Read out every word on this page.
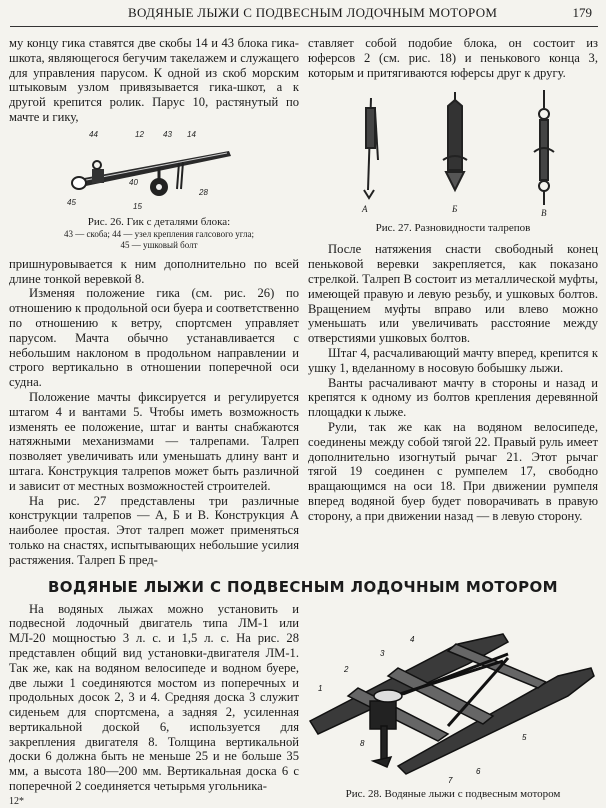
ВОДЯНЫЕ ЛЫЖИ С ПОДВЕСНЫМ ЛОДОЧНЫМ МОТОРОМ	179

му концу гика ставятся две скобы 14 и 43 блока гика-шкота, являющегося бегучим такелажем и служащего для управления парусом. К одной из скоб морским штыковым узлом привязывается гика-шкот, а к другой крепится ролик. Парус 10, растянутый по мачте и гику,

44	12 43 14
40
15
28
45
Рис. 26. Гик с деталями блока:
43 — скоба; 44 — узел крепления галсового угла; 45 — ушковый болт

пришнуровывается к ним дополнительно по всей длине тонкой веревкой 8.

Изменяя положение гика (см. рис. 26) по отношению к продольной оси буера и соответственно по отношению к ветру, спортсмен управляет парусом. Мачта обычно устанавливается с небольшим наклоном в продольном направлении и строго вертикально в отношении поперечной оси судна.

Положение мачты фиксируется и регулируется штагом 4 и вантами 5. Чтобы иметь возможность изменять ее положение, штаг и ванты снабжаются натяжными механизмами — талрепами. Талреп позволяет увеличивать или уменьшать длину вант и штага. Конструкция талрепов может быть различной и зависит от местных возможностей строителей.

На рис. 27 представлены три различные конструкции талрепов — А, Б и В. Конструкция А наиболее простая. Этот талреп может применяться только на снастях, испытывающих небольшие усилия растяжения. Талреп Б пред-

ставляет собой подобие блока, он состоит из юферсов 2 (см. рис. 18) и пенькового конца 3, которым и притягиваются юферсы друг к другу.

А	Б	В
Рис. 27. Разновидности талрепов

После натяжения снасти свободный конец пеньковой веревки закрепляется, как показано стрелкой. Талреп В состоит из металлической муфты, имеющей правую и левую резьбу, и ушковых болтов. Вращением муфты вправо или влево можно уменьшать или увеличивать расстояние между отверстиями ушковых болтов.

Штаг 4, расчаливающий мачту вперед, крепится к ушку 1, вделанному в носовую бобышку лыжи.

Ванты расчаливают мачту в стороны и назад и крепятся к одному из болтов крепления деревянной площадки к лыже.

Рули, так же как на водяном велосипеде, соединены между собой тягой 22. Правый руль имеет дополнительно изогнутый рычаг 21. Этот рычаг тягой 19 соединен с румпелем 17, свободно вращающимся на оси 18. При движении румпеля вперед водяной буер будет поворачивать в правую сторону, а при движении назад — в левую сторону.

ВОДЯНЫЕ ЛЫЖИ С ПОДВЕСНЫМ ЛОДОЧНЫМ МОТОРОМ

На водяных лыжах можно установить и подвесной лодочный двигатель типа ЛМ-1 или МЛ-20 мощностью 3 л. с. и 1,5 л. с. На рис. 28 представлен общий вид установки-двигателя ЛМ-1. Так же, как на водяном велосипеде и водном буере, две лыжи 1 соединяются мостом из поперечных и продольных досок 2, 3 и 4. Средняя доска 3 служит сиденьем для спортсмена, а задняя 2, усиленная вертикальной доской 6, используется для закрепления двигателя 8. Толщина вертикальной доски 6 должна быть не меньше 25 и не больше 35 мм, а высота 180—200 мм. Вертикальная доска 6 с поперечной 2 соединяется четырьмя угольника-

12*
1
2
3
4
5
6
7
8
Рис. 28. Водяные лыжи с подвесным мотором
